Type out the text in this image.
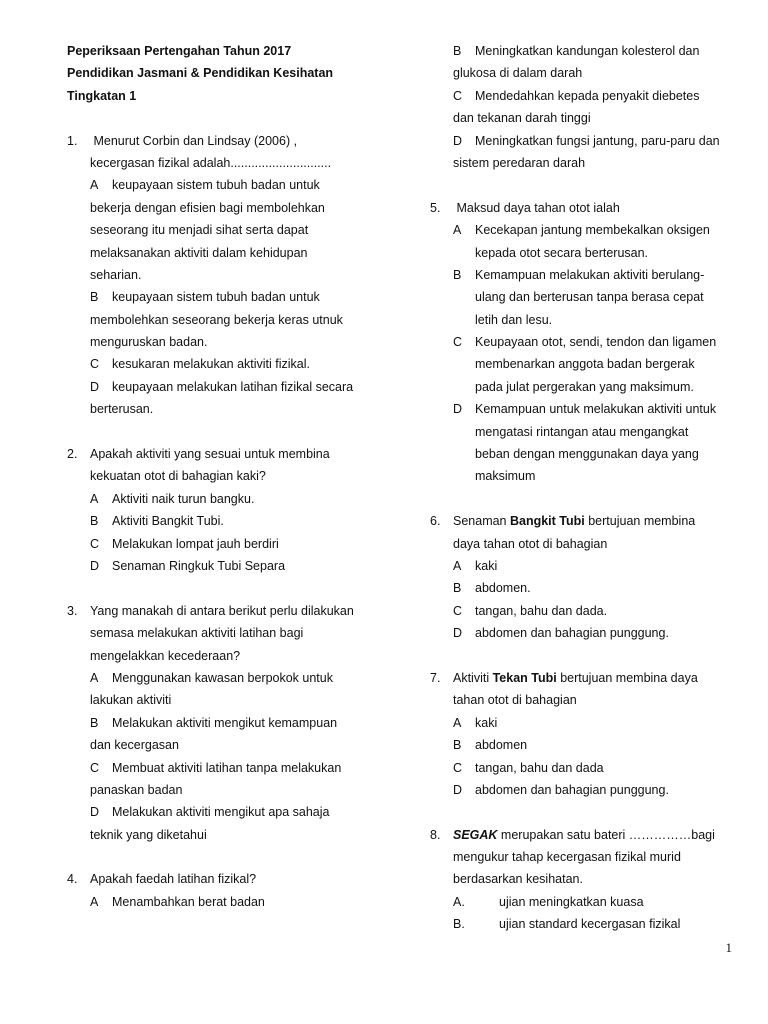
Peperiksaan Pertengahan Tahun 2017
Pendidikan Jasmani & Pendidikan Kesihatan
Tingkatan 1
1. Menurut Corbin dan Lindsay (2006) ,
kecergasan fizikal adalah.............................
A keupayaan sistem tubuh badan untuk
bekerja dengan efisien bagi membolehkan
seseorang itu menjadi sihat serta dapat
melaksanakan aktiviti dalam kehidupan
seharian.
B keupayaan sistem tubuh badan untuk
membolehkan seseorang bekerja keras utnuk
menguruskan badan.
C kesukaran melakukan aktiviti fizikal.
D keupayaan melakukan latihan fizikal secara
berterusan.
2. Apakah aktiviti yang sesuai untuk membina
kekuatan otot di bahagian kaki?
A Aktiviti naik turun bangku.
B Aktiviti Bangkit Tubi.
C Melakukan lompat jauh berdiri
D Senaman Ringkuk Tubi Separa
3. Yang manakah di antara berikut perlu dilakukan
semasa melakukan aktiviti latihan bagi
mengelakkan kecederaan?
A Menggunakan kawasan berpokok untuk
lakukan aktiviti
B Melakukan aktiviti mengikut kemampuan
dan kecergasan
C Membuat aktiviti latihan tanpa melakukan
panaskan badan
D Melakukan aktiviti mengikut apa sahaja
teknik yang diketahui
4. Apakah faedah latihan fizikal?
A Menambahkan berat badan
B Meningkatkan kandungan kolesterol dan
glukosa di dalam darah
C Mendedahkan kepada penyakit diebetes
dan tekanan darah tinggi
D Meningkatkan fungsi jantung, paru-paru dan
sistem peredaran darah
5. Maksud daya tahan otot ialah
A Kecekapan jantung membekalkan oksigen
kepada otot secara berterusan.
B Kemampuan melakukan aktiviti berulang-
ulang dan berterusan tanpa berasa cepat
letih dan lesu.
C Keupayaan otot, sendi, tendon dan ligamen
membenarkan anggota badan bergerak
pada julat pergerakan yang maksimum.
D Kemampuan untuk melakukan aktiviti untuk
mengatasi rintangan atau mengangkat
beban dengan menggunakan daya yang
maksimum
6. Senaman Bangkit Tubi bertujuan membina
daya tahan otot di bahagian
A kaki
B abdomen.
C tangan, bahu dan dada.
D abdomen dan bahagian punggung.
7. Aktiviti Tekan Tubi bertujuan membina daya
tahan otot di bahagian
A kaki
B abdomen
C tangan, bahu dan dada
D abdomen dan bahagian punggung.
8. SEGAK merupakan satu bateri ……………bagi
mengukur tahap kecergasan fizikal murid
berdasarkan kesihatan.
A.	ujian meningkatkan kuasa
B.	ujian standard kecergasan fizikal
1
